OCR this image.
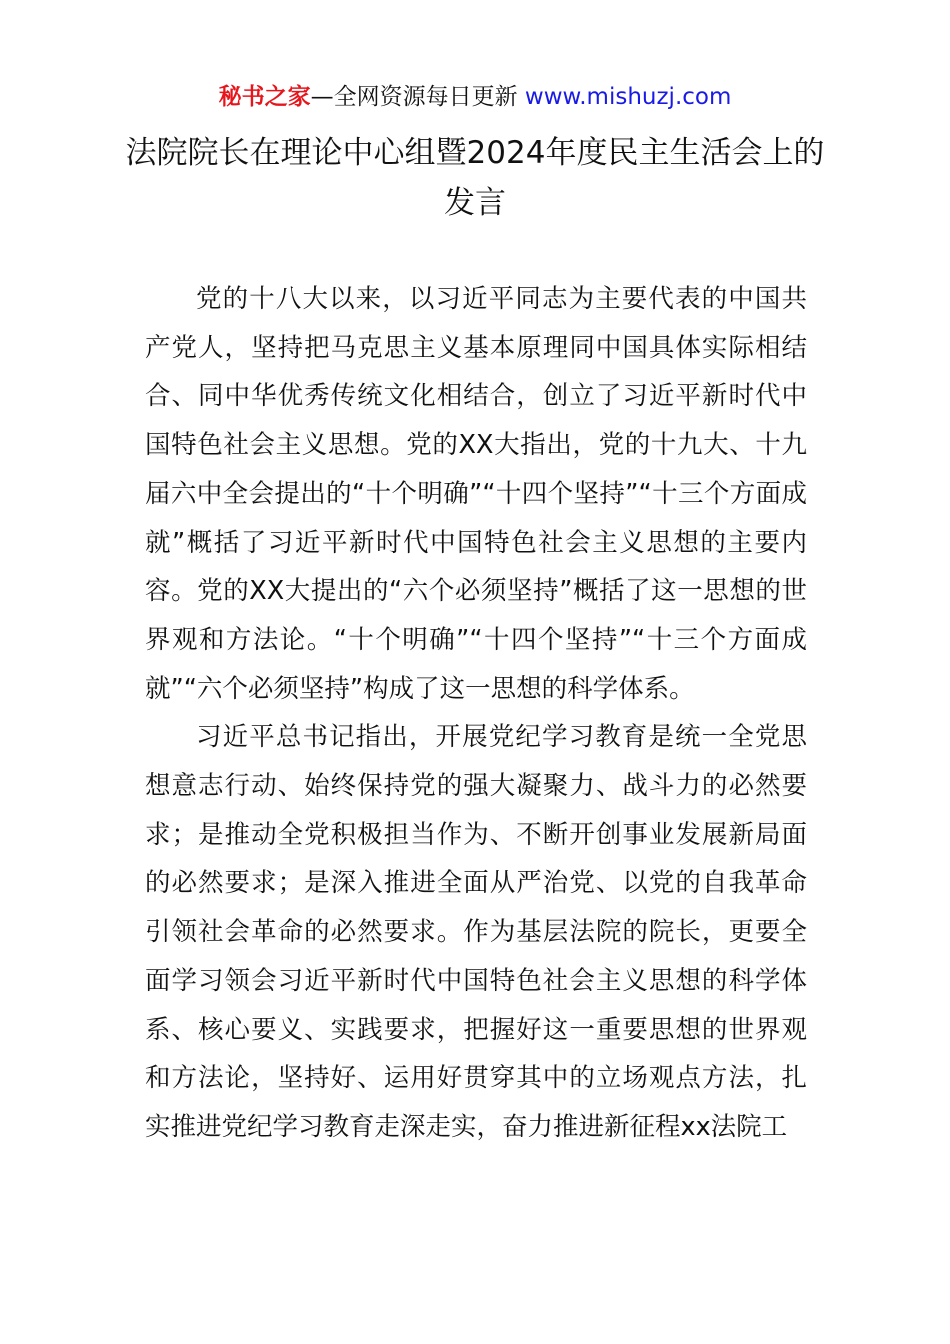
秘书之家—全网资源每日更新 www.mishuzj.com
法院院长在理论中心组暨2024年度民主生活会上的发言

党的十八大以来，以习近平同志为主要代表的中国共产党人，坚持把马克思主义基本原理同中国具体实际相结合、同中华优秀传统文化相结合，创立了习近平新时代中国特色社会主义思想。党的XX大指出，党的十九大、十九届六中全会提出的“十个明确”“十四个坚持”“十三个方面成就”概括了习近平新时代中国特色社会主义思想的主要内容。党的XX大提出的“六个必须坚持”概括了这一思想的世界观和方法论。“十个明确”“十四个坚持”“十三个方面成就”“六个必须坚持”构成了这一思想的科学体系。

习近平总书记指出，开展党纪学习教育是统一全党思想意志行动、始终保持党的强大凝聚力、战斗力的必然要求；是推动全党积极担当作为、不断开创事业发展新局面的必然要求；是深入推进全面从严治党、以党的自我革命引领社会革命的必然要求。作为基层法院的院长，更要全面学习领会习近平新时代中国特色社会主义思想的科学体系、核心要义、实践要求，把握好这一重要思想的世界观和方法论，坚持好、运用好贯穿其中的立场观点方法，扎实推进党纪学习教育走深走实，奋力推进新征程xx法院工
